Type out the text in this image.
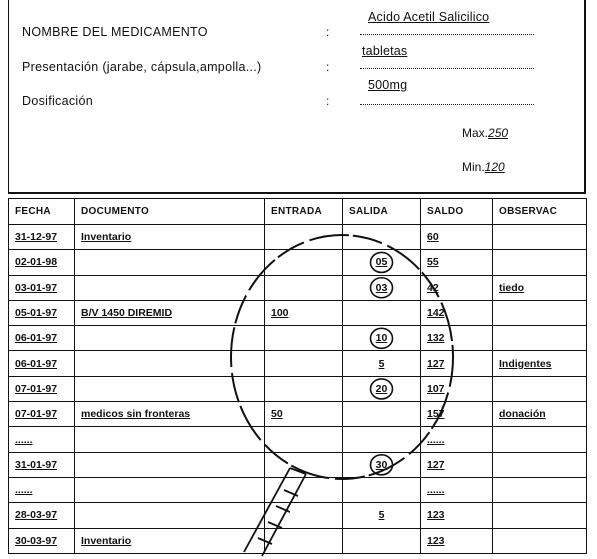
NOMBRE DEL MEDICAMENTO	:
Acido Acetil Salicilico
Presentación (jarabe, cápsula,ampolla...)	:
tabletas
Dosificación	:
500mg
Max.250
Min.120
FECHA	DOCUMENTO	ENTRADA	SALIDA	SALDO	OBSERVAC
31-12-97	Inventario			60	
02-01-98			05	55	
03-01-97			03	42	tiedo
05-01-97	B/V 1450 DIREMID	100		142	
06-01-97			10	132	
06-01-97			5	127	Indigentes
07-01-97			20	107	
07-01-97	medicos sin fronteras	50		157	donación
......				......	
31-01-97			30	127	
......				......	
28-03-97			5	123	
30-03-97	Inventario			123	
